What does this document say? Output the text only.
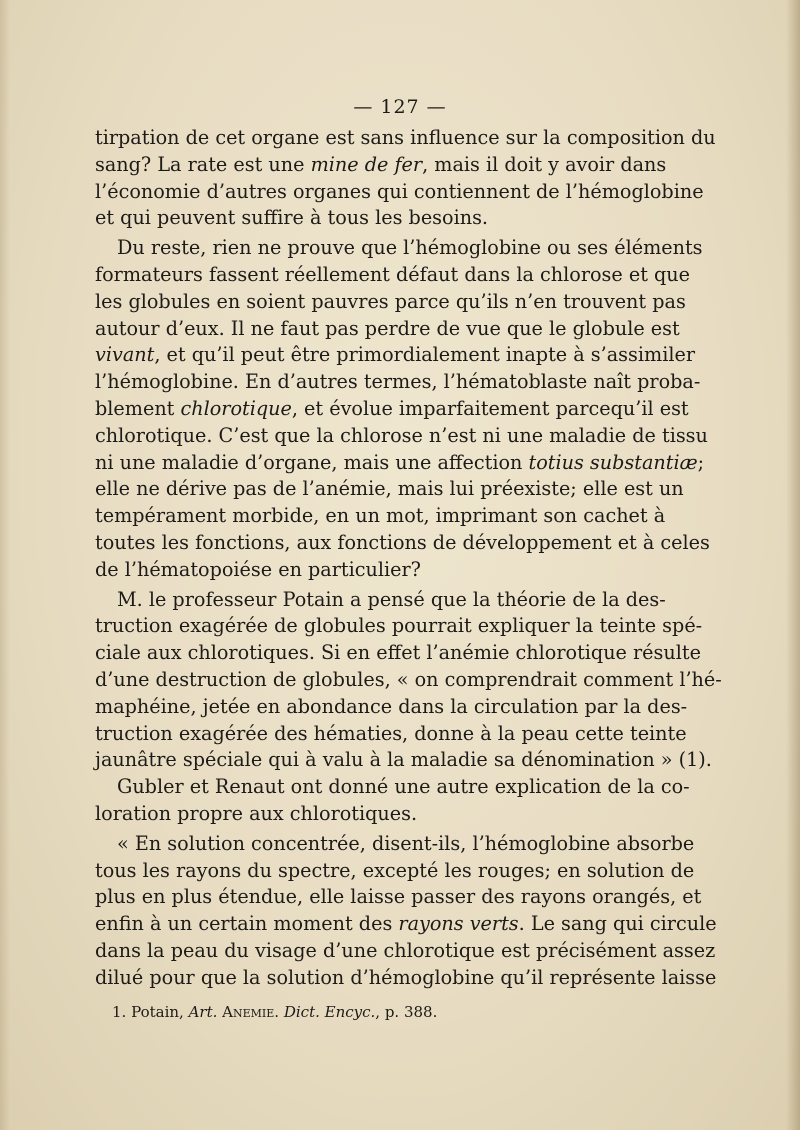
— 127 —
tirpation de cet organe est sans influence sur la composition du
sang? La rate est une mine de fer, mais il doit y avoir dans
l’économie d’autres organes qui contiennent de l’hémoglobine
et qui peuvent suffire à tous les besoins.
Du reste, rien ne prouve que l’hémoglobine ou ses éléments
formateurs fassent réellement défaut dans la chlorose et que
les globules en soient pauvres parce qu’ils n’en trouvent pas
autour d’eux. Il ne faut pas perdre de vue que le globule est
vivant, et qu’il peut être primordialement inapte à s’assimiler
l’hémoglobine. En d’autres termes, l’hématoblaste naît proba-
blement chlorotique, et évolue imparfaitement parcequ’il est
chlorotique. C’est que la chlorose n’est ni une maladie de tissu
ni une maladie d’organe, mais une affection totius substantiæ;
elle ne dérive pas de l’anémie, mais lui préexiste; elle est un
tempérament morbide, en un mot, imprimant son cachet à
toutes les fonctions, aux fonctions de développement et à celes
de l’hématopoiése en particulier?
M. le professeur Potain a pensé que la théorie de la des-
truction exagérée de globules pourrait expliquer la teinte spé-
ciale aux chlorotiques. Si en effet l’anémie chlorotique résulte
d’une destruction de globules, « on comprendrait comment l’hé-
maphéine, jetée en abondance dans la circulation par la des-
truction exagérée des hématies, donne à la peau cette teinte
jaunâtre spéciale qui à valu à la maladie sa dénomination » (1).
Gubler et Renaut ont donné une autre explication de la co-
loration propre aux chlorotiques.
« En solution concentrée, disent-ils, l’hémoglobine absorbe
tous les rayons du spectre, excepté les rouges; en solution de
plus en plus étendue, elle laisse passer des rayons orangés, et
enfin à un certain moment des rayons verts. Le sang qui circule
dans la peau du visage d’une chlorotique est précisément assez
dilué pour que la solution d’hémoglobine qu’il représente laisse
1. Potain, Art. Anemie. Dict. Encyc., p. 388.
